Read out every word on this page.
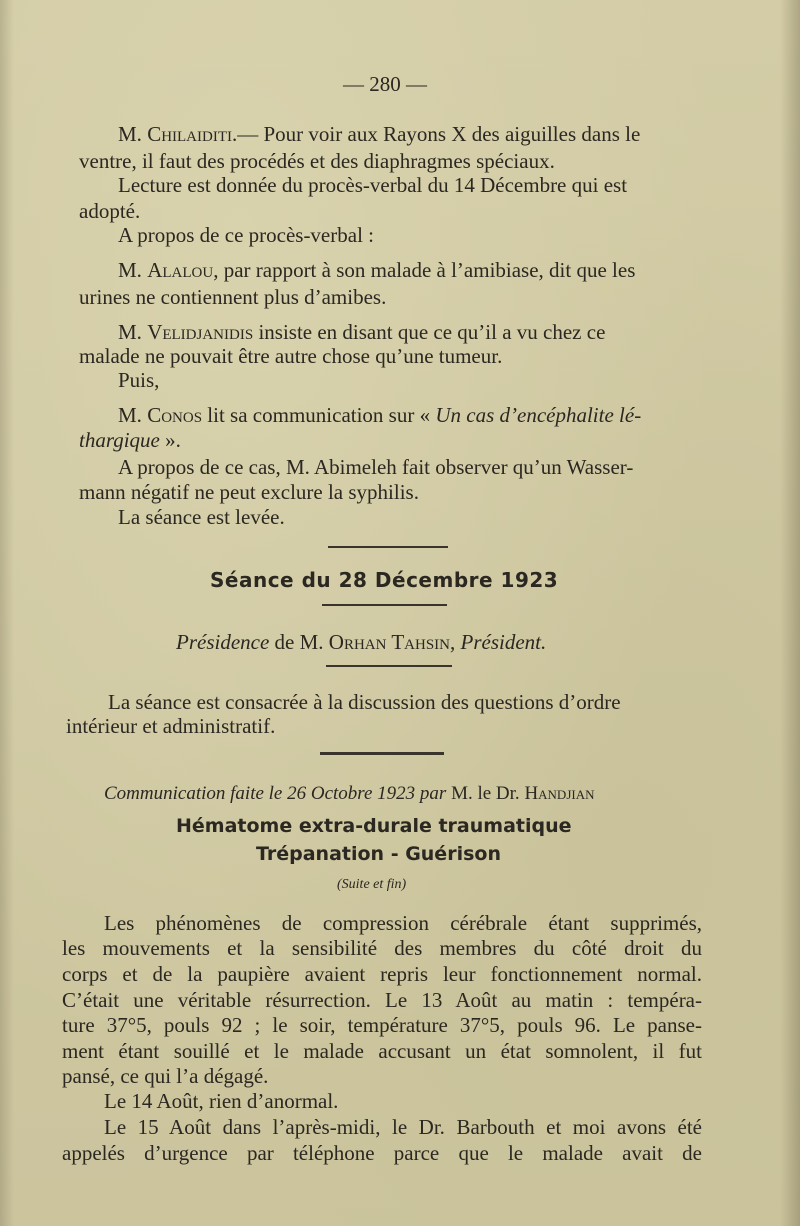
— 280 —
M. Chilaiditi.— Pour voir aux Rayons X des aiguilles dans le
ventre, il faut des procédés et des diaphragmes spéciaux.
Lecture est donnée du procès-verbal du 14 Décembre qui est
adopté.
A propos de ce procès-verbal :
M. Alalou, par rapport à son malade à l’amibiase, dit que les
urines ne contiennent plus d’amibes.
M. Velidjanidis insiste en disant que ce qu’il a vu chez ce
malade ne pouvait être autre chose qu’une tumeur.
Puis,
M. Conos lit sa communication sur « Un cas d’encéphalite lé-
thargique ».
A propos de ce cas, M. Abimeleh fait observer qu’un Wasser-
mann négatif ne peut exclure la syphilis.
La séance est levée.
Séance du 28 Décembre 1923
Présidence de M. Orhan Tahsin, Président.
La séance est consacrée à la discussion des questions d’ordre
intérieur et administratif.
Communication faite le 26 Octobre 1923 par M. le Dr. Handjian
Hématome extra-durale traumatique
Trépanation - Guérison
(Suite et fin)
Les phénomènes de compression cérébrale étant supprimés,
les mouvements et la sensibilité des membres du côté droit du
corps et de la paupière avaient repris leur fonctionnement normal.
C’était une véritable résurrection. Le 13 Août au matin : tempéra-
ture 37°5, pouls 92 ; le soir, température 37°5, pouls 96. Le panse-
ment étant souillé et le malade accusant un état somnolent, il fut
pansé, ce qui l’a dégagé.
Le 14 Août, rien d’anormal.
Le 15 Août dans l’après-midi, le Dr. Barbouth et moi avons été
appelés d’urgence par téléphone parce que le malade avait de
